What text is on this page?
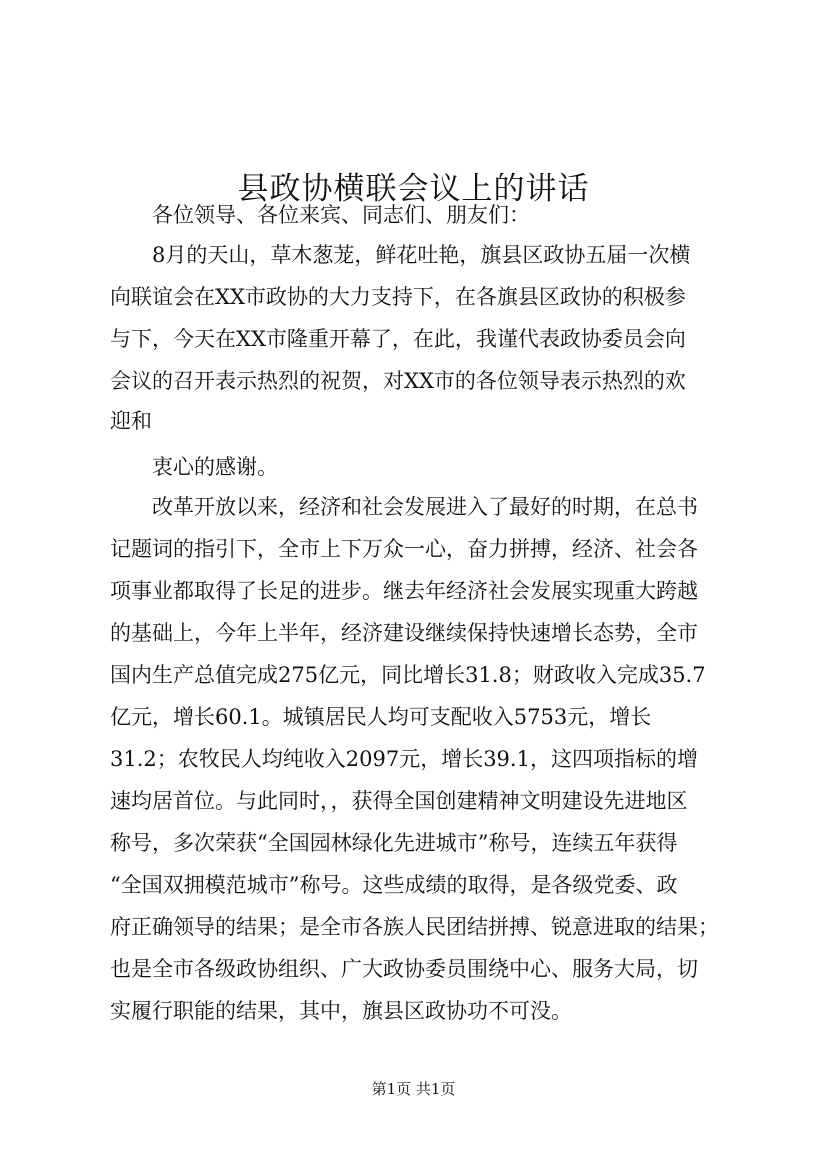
县政协横联会议上的讲话
各位领导、各位来宾、同志们、朋友们：
8月的天山，草木葱茏，鲜花吐艳，旗县区政协五届一次横
向联谊会在XX市政协的大力支持下，在各旗县区政协的积极参
与下，今天在XX市隆重开幕了，在此，我谨代表政协委员会向
会议的召开表示热烈的祝贺，对XX市的各位领导表示热烈的欢
迎和
衷心的感谢。
改革开放以来，经济和社会发展进入了最好的时期，在总书
记题词的指引下，全市上下万众一心，奋力拼搏，经济、社会各
项事业都取得了长足的进步。继去年经济社会发展实现重大跨越
的基础上，今年上半年，经济建设继续保持快速增长态势，全市
国内生产总值完成275亿元，同比增长31.8；财政收入完成35.7
亿元，增长60.1。城镇居民人均可支配收入5753元，增长
31.2；农牧民人均纯收入2097元，增长39.1，这四项指标的增
速均居首位。与此同时，，获得全国创建精神文明建设先进地区
称号，多次荣获“全国园林绿化先进城市”称号，连续五年获得
“全国双拥模范城市”称号。这些成绩的取得，是各级党委、政
府正确领导的结果；是全市各族人民团结拼搏、锐意进取的结果；
也是全市各级政协组织、广大政协委员围绕中心、服务大局，切
实履行职能的结果，其中，旗县区政协功不可没。
第1页 共1页
